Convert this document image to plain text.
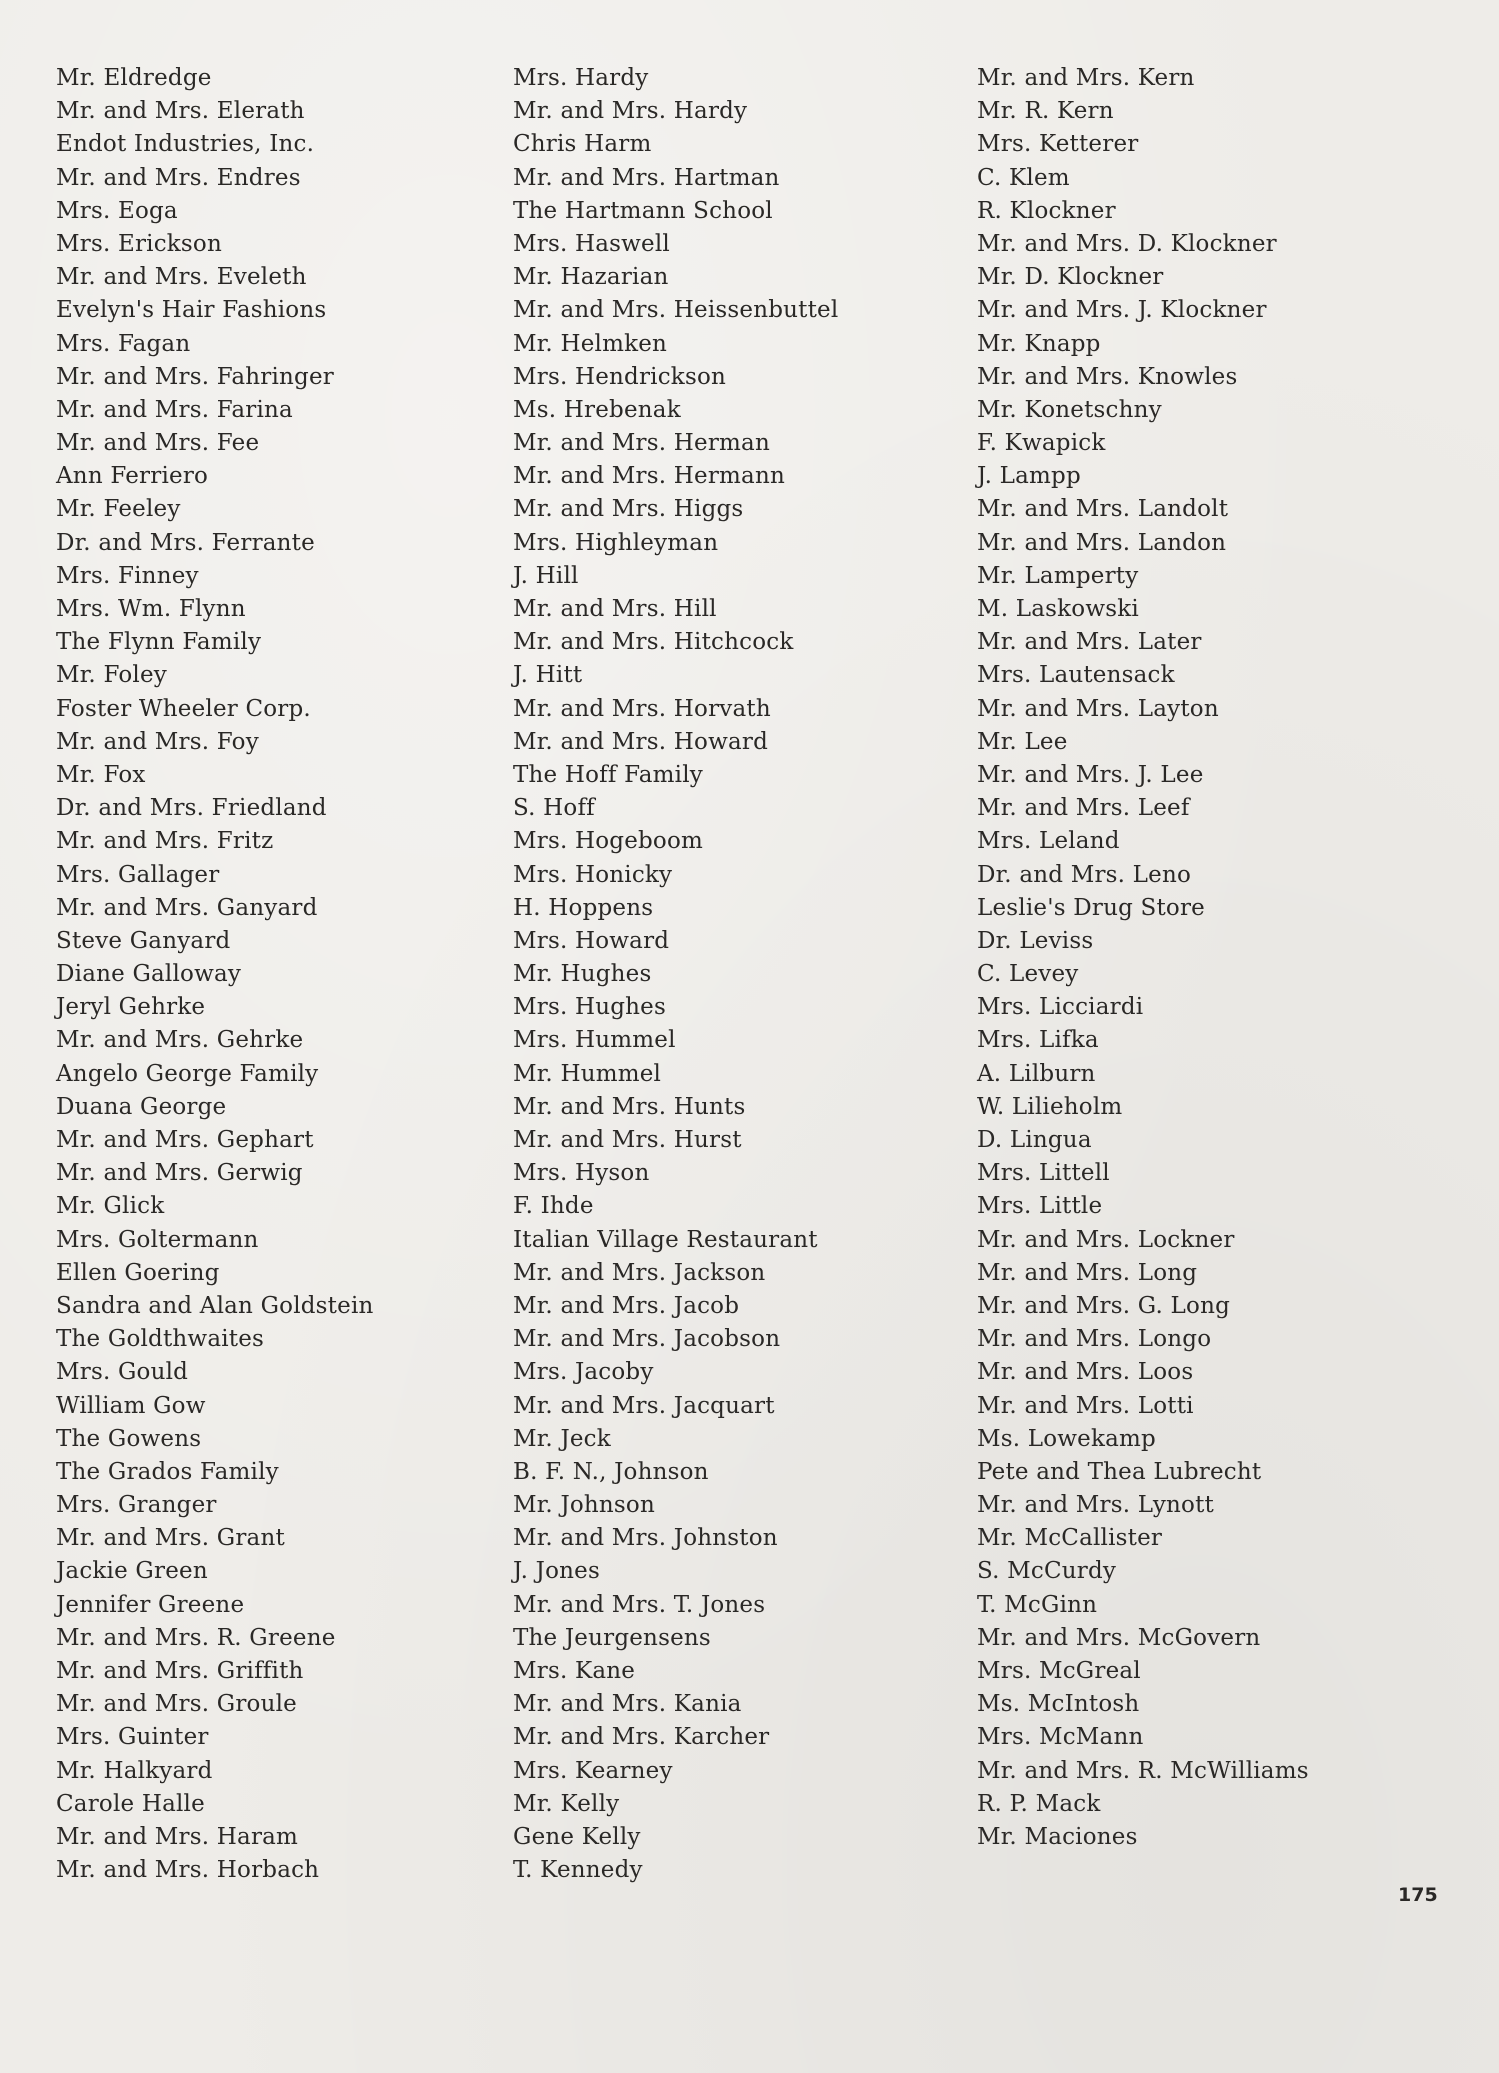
Mr. Eldredge
Mr. and Mrs. Elerath
Endot Industries, Inc.
Mr. and Mrs. Endres
Mrs. Eoga
Mrs. Erickson
Mr. and Mrs. Eveleth
Evelyn's Hair Fashions
Mrs. Fagan
Mr. and Mrs. Fahringer
Mr. and Mrs. Farina
Mr. and Mrs. Fee
Ann Ferriero
Mr. Feeley
Dr. and Mrs. Ferrante
Mrs. Finney
Mrs. Wm. Flynn
The Flynn Family
Mr. Foley
Foster Wheeler Corp.
Mr. and Mrs. Foy
Mr. Fox
Dr. and Mrs. Friedland
Mr. and Mrs. Fritz
Mrs. Gallager
Mr. and Mrs. Ganyard
Steve Ganyard
Diane Galloway
Jeryl Gehrke
Mr. and Mrs. Gehrke
Angelo George Family
Duana George
Mr. and Mrs. Gephart
Mr. and Mrs. Gerwig
Mr. Glick
Mrs. Goltermann
Ellen Goering
Sandra and Alan Goldstein
The Goldthwaites
Mrs. Gould
William Gow
The Gowens
The Grados Family
Mrs. Granger
Mr. and Mrs. Grant
Jackie Green
Jennifer Greene
Mr. and Mrs. R. Greene
Mr. and Mrs. Griffith
Mr. and Mrs. Groule
Mrs. Guinter
Mr. Halkyard
Carole Halle
Mr. and Mrs. Haram
Mr. and Mrs. Horbach
Mrs. Hardy
Mr. and Mrs. Hardy
Chris Harm
Mr. and Mrs. Hartman
The Hartmann School
Mrs. Haswell
Mr. Hazarian
Mr. and Mrs. Heissenbuttel
Mr. Helmken
Mrs. Hendrickson
Ms. Hrebenak
Mr. and Mrs. Herman
Mr. and Mrs. Hermann
Mr. and Mrs. Higgs
Mrs. Highleyman
J. Hill
Mr. and Mrs. Hill
Mr. and Mrs. Hitchcock
J. Hitt
Mr. and Mrs. Horvath
Mr. and Mrs. Howard
The Hoff Family
S. Hoff
Mrs. Hogeboom
Mrs. Honicky
H. Hoppens
Mrs. Howard
Mr. Hughes
Mrs. Hughes
Mrs. Hummel
Mr. Hummel
Mr. and Mrs. Hunts
Mr. and Mrs. Hurst
Mrs. Hyson
F. Ihde
Italian Village Restaurant
Mr. and Mrs. Jackson
Mr. and Mrs. Jacob
Mr. and Mrs. Jacobson
Mrs. Jacoby
Mr. and Mrs. Jacquart
Mr. Jeck
B. F. N., Johnson
Mr. Johnson
Mr. and Mrs. Johnston
J. Jones
Mr. and Mrs. T. Jones
The Jeurgensens
Mrs. Kane
Mr. and Mrs. Kania
Mr. and Mrs. Karcher
Mrs. Kearney
Mr. Kelly
Gene Kelly
T. Kennedy
Mr. and Mrs. Kern
Mr. R. Kern
Mrs. Ketterer
C. Klem
R. Klockner
Mr. and Mrs. D. Klockner
Mr. D. Klockner
Mr. and Mrs. J. Klockner
Mr. Knapp
Mr. and Mrs. Knowles
Mr. Konetschny
F. Kwapick
J. Lampp
Mr. and Mrs. Landolt
Mr. and Mrs. Landon
Mr. Lamperty
M. Laskowski
Mr. and Mrs. Later
Mrs. Lautensack
Mr. and Mrs. Layton
Mr. Lee
Mr. and Mrs. J. Lee
Mr. and Mrs. Leef
Mrs. Leland
Dr. and Mrs. Leno
Leslie's Drug Store
Dr. Leviss
C. Levey
Mrs. Licciardi
Mrs. Lifka
A. Lilburn
W. Lilieholm
D. Lingua
Mrs. Littell
Mrs. Little
Mr. and Mrs. Lockner
Mr. and Mrs. Long
Mr. and Mrs. G. Long
Mr. and Mrs. Longo
Mr. and Mrs. Loos
Mr. and Mrs. Lotti
Ms. Lowekamp
Pete and Thea Lubrecht
Mr. and Mrs. Lynott
Mr. McCallister
S. McCurdy
T. McGinn
Mr. and Mrs. McGovern
Mrs. McGreal
Ms. McIntosh
Mrs. McMann
Mr. and Mrs. R. McWilliams
R. P. Mack
Mr. Maciones
175
